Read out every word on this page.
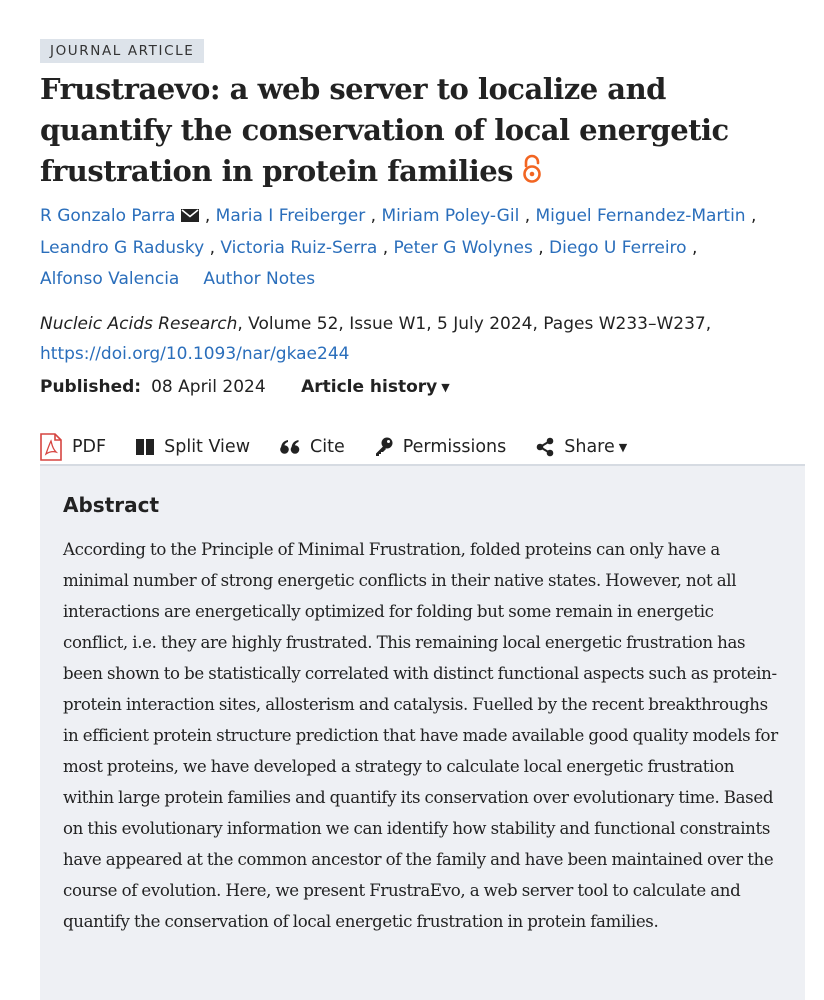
JOURNAL ARTICLE
Frustraevo: a web server to localize and quantify the conservation of local energetic frustration in protein families
R Gonzalo Parra , Maria I Freiberger , Miriam Poley-Gil , Miguel Fernandez-Martin ,
Leandro G Radusky , Victoria Ruiz-Serra , Peter G Wolynes , Diego U Ferreiro ,
Alfonso Valencia Author Notes
Nucleic Acids Research, Volume 52, Issue W1, 5 July 2024, Pages W233–W237,
https://doi.org/10.1093/nar/gkae244
Published: 08 April 2024 Article history ▼
PDF	Split View	Cite	Permissions	Share ▼
Abstract

According to the Principle of Minimal Frustration, folded proteins can only have a minimal number of strong energetic conflicts in their native states. However, not all interactions are energetically optimized for folding but some remain in energetic conflict, i.e. they are highly frustrated. This remaining local energetic frustration has been shown to be statistically correlated with distinct functional aspects such as protein-protein interaction sites, allosterism and catalysis. Fuelled by the recent breakthroughs in efficient protein structure prediction that have made available good quality models for most proteins, we have developed a strategy to calculate local energetic frustration within large protein families and quantify its conservation over evolutionary time. Based on this evolutionary information we can identify how stability and functional constraints have appeared at the common ancestor of the family and have been maintained over the course of evolution. Here, we present FrustraEvo, a web server tool to calculate and quantify the conservation of local energetic frustration in protein families.
